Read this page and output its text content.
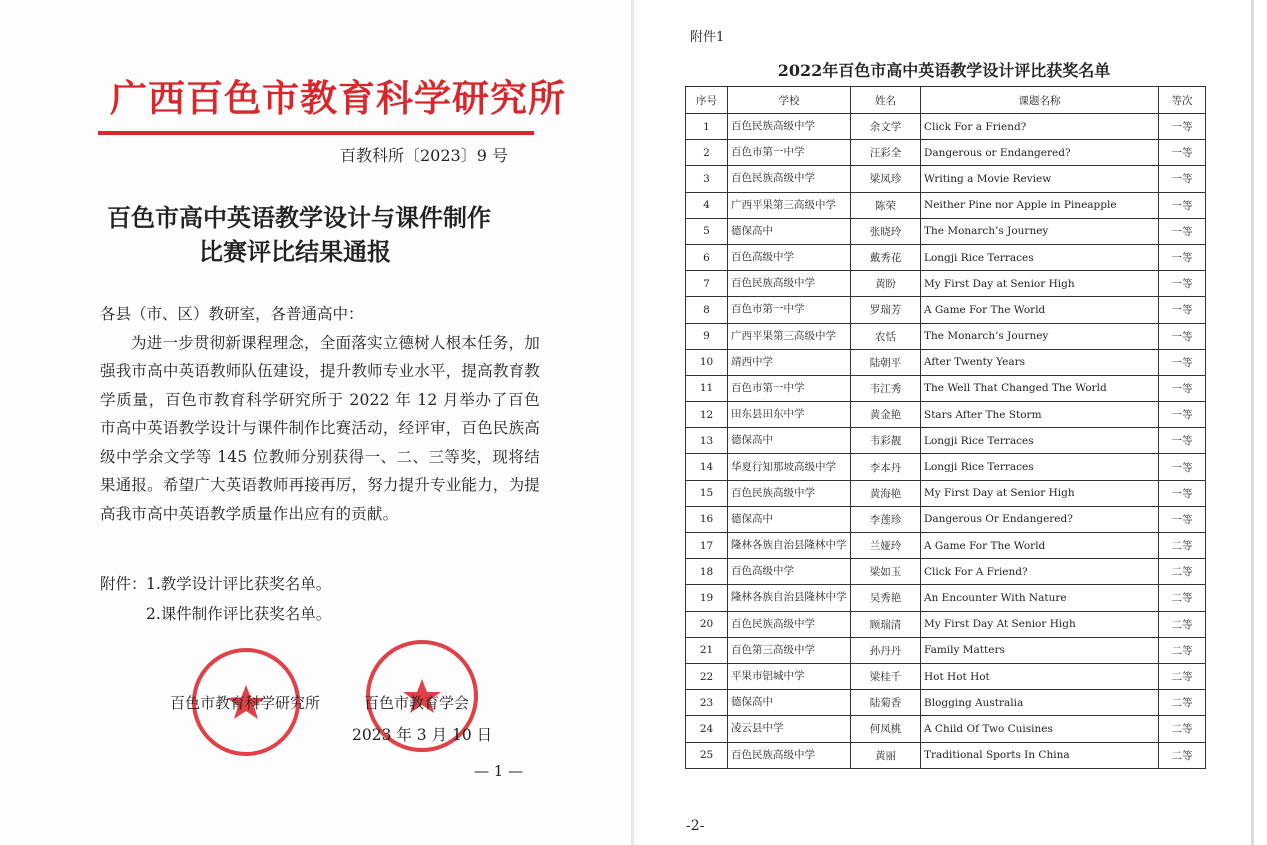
广西百色市教育科学研究所
百教科所〔2023〕9 号
百色市高中英语教学设计与课件制作
比赛评比结果通报

各县（市、区）教研室，各普通高中：

为进一步贯彻新课程理念，全面落实立德树人根本任务，加强我市高中英语教师队伍建设，提升教师专业水平，提高教育教学质量，百色市教育科学研究所于 2022 年 12 月举办了百色市高中英语教学设计与课件制作比赛活动，经评审，百色民族高级中学余文学等 145 位教师分别获得一、二、三等奖，现将结果通报。希望广大英语教师再接再厉，努力提升专业能力，为提高我市高中英语教学质量作出应有的贡献。

附件： 1.教学设计评比获奖名单。
2.课件制作评比获奖名单。
百色市教育科学研究所	百色市教育学会
2023 年 3 月 10 日
— 1 —
附件1
2022年百色市高中英语教学设计评比获奖名单
序号	学校	姓名	课题名称	等次
1	百色民族高级中学	余文学	Click For a Friend?	一等
2	百色市第一中学	汪彩全	Dangerous or Endangered?	一等
3	百色民族高级中学	梁凤珍	Writing a Movie Review	一等
4	广西平果第三高级中学	陈荣	Neither Pine nor Apple in Pineapple	一等
5	德保高中	张晓玲	The Monarch’s Journey	一等
6	百色高级中学	戴秀花	Longji Rice Terraces	一等
7	百色民族高级中学	黄盼	My First Day at Senior High	一等
8	百色市第一中学	罗瑞芳	A Game For The World	一等
9	广西平果第三高级中学	农恬	The Monarch’s Journey	一等
10	靖西中学	陆朝平	After Twenty Years	一等
11	百色市第一中学	韦江秀	The Well That Changed The World	一等
12	田东县田东中学	黄金艳	Stars After The Storm	一等
13	德保高中	韦彩靓	Longji Rice Terraces	一等
14	华夏行知那坡高级中学	李本丹	Longji Rice Terraces	一等
15	百色民族高级中学	黄海艳	My First Day at Senior High	一等
16	德保高中	李莲珍	Dangerous Or Endangered?	一等
17	隆林各族自治县隆林中学	兰娅玲	A Game For The World	二等
18	百色高级中学	梁如玉	Click For A Friend?	二等
19	隆林各族自治县隆林中学	吴秀艳	An Encounter With Nature	二等
20	百色民族高级中学	顾瑞清	My First Day At Senior High	二等
21	百色第三高级中学	孙丹丹	Family Matters	二等
22	平果市铝城中学	梁桂千	Hot Hot Hot	二等
23	德保高中	陆菊香	Blogging Australia	二等
24	凌云县中学	何凤桃	A Child Of Two Cuisines	二等
25	百色民族高级中学	黄丽	Traditional Sports In China	二等
-2-
